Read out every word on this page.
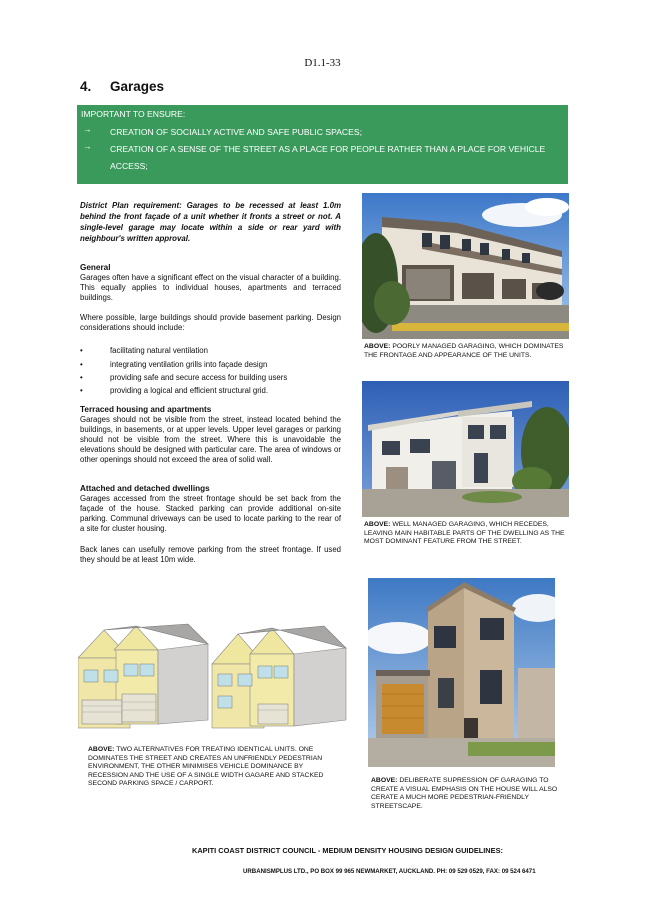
D1.1-33
4. Garages
IMPORTANT TO ENSURE:
→ CREATION OF SOCIALLY ACTIVE AND SAFE PUBLIC SPACES;
→ CREATION OF A SENSE OF THE STREET AS A PLACE FOR PEOPLE RATHER THAN A PLACE FOR VEHICLE ACCESS;
District Plan requirement: Garages to be recessed at least 1.0m behind the front façade of a unit whether it fronts a street or not. A single-level garage may locate within a side or rear yard with neighbour's written approval.
General
Garages often have a significant effect on the visual character of a building. This equally applies to individual houses, apartments and terraced buildings.
Where possible, large buildings should provide basement parking. Design considerations should include:
•	facilitating natural ventilation
•	integrating ventilation grills into façade design
•	providing safe and secure access for building users
•	providing a logical and efficient structural grid.
Terraced housing and apartments
Garages should not be visible from the street, instead located behind the buildings, in basements, or at upper levels. Upper level garages or parking should not be visible from the street. Where this is unavoidable the elevations should be designed with particular care. The area of windows or other openings should not exceed the area of solid wall.
Attached and detached dwellings
Garages accessed from the street frontage should be set back from the façade of the house. Stacked parking can provide additional on-site parking. Communal driveways can be used to locate parking to the rear of a site for cluster housing.
Back lanes can usefully remove parking from the street frontage. If used they should be at least 10m wide.
ABOVE: POORLY MANAGED GARAGING, WHICH DOMINATES THE FRONTAGE AND APPEARANCE OF THE UNITS.
ABOVE: WELL MANAGED GARAGING, WHICH RECEDES, LEAVING MAIN HABITABLE PARTS OF THE DWELLING AS THE MOST DOMINANT FEATURE FROM THE STREET.
ABOVE: TWO ALTERNATIVES FOR TREATING IDENTICAL UNITS. ONE DOMINATES THE STREET AND CREATES AN UNFRIENDLY PEDESTRIAN ENVIRONMENT, THE OTHER MINIMISES VEHICLE DOMINANCE BY RECESSION AND THE USE OF A SINGLE WIDTH GAGARE AND STACKED SECOND PARKING SPACE / CARPORT.	ABOVE: DELIBERATE SUPRESSION OF GARAGING TO CREATE A VISUAL EMPHASIS ON THE HOUSE WILL ALSO CERATE A MUCH MORE PEDESTRIAN-FRIENDLY STREETSCAPE.
KAPITI COAST DISTRICT COUNCIL - MEDIUM DENSITY HOUSING DESIGN GUIDELINES:
URBANISMPLUS LTD., PO BOX 99 965 NEWMARKET, AUCKLAND. PH: 09 529 0529, FAX: 09 524 6471
